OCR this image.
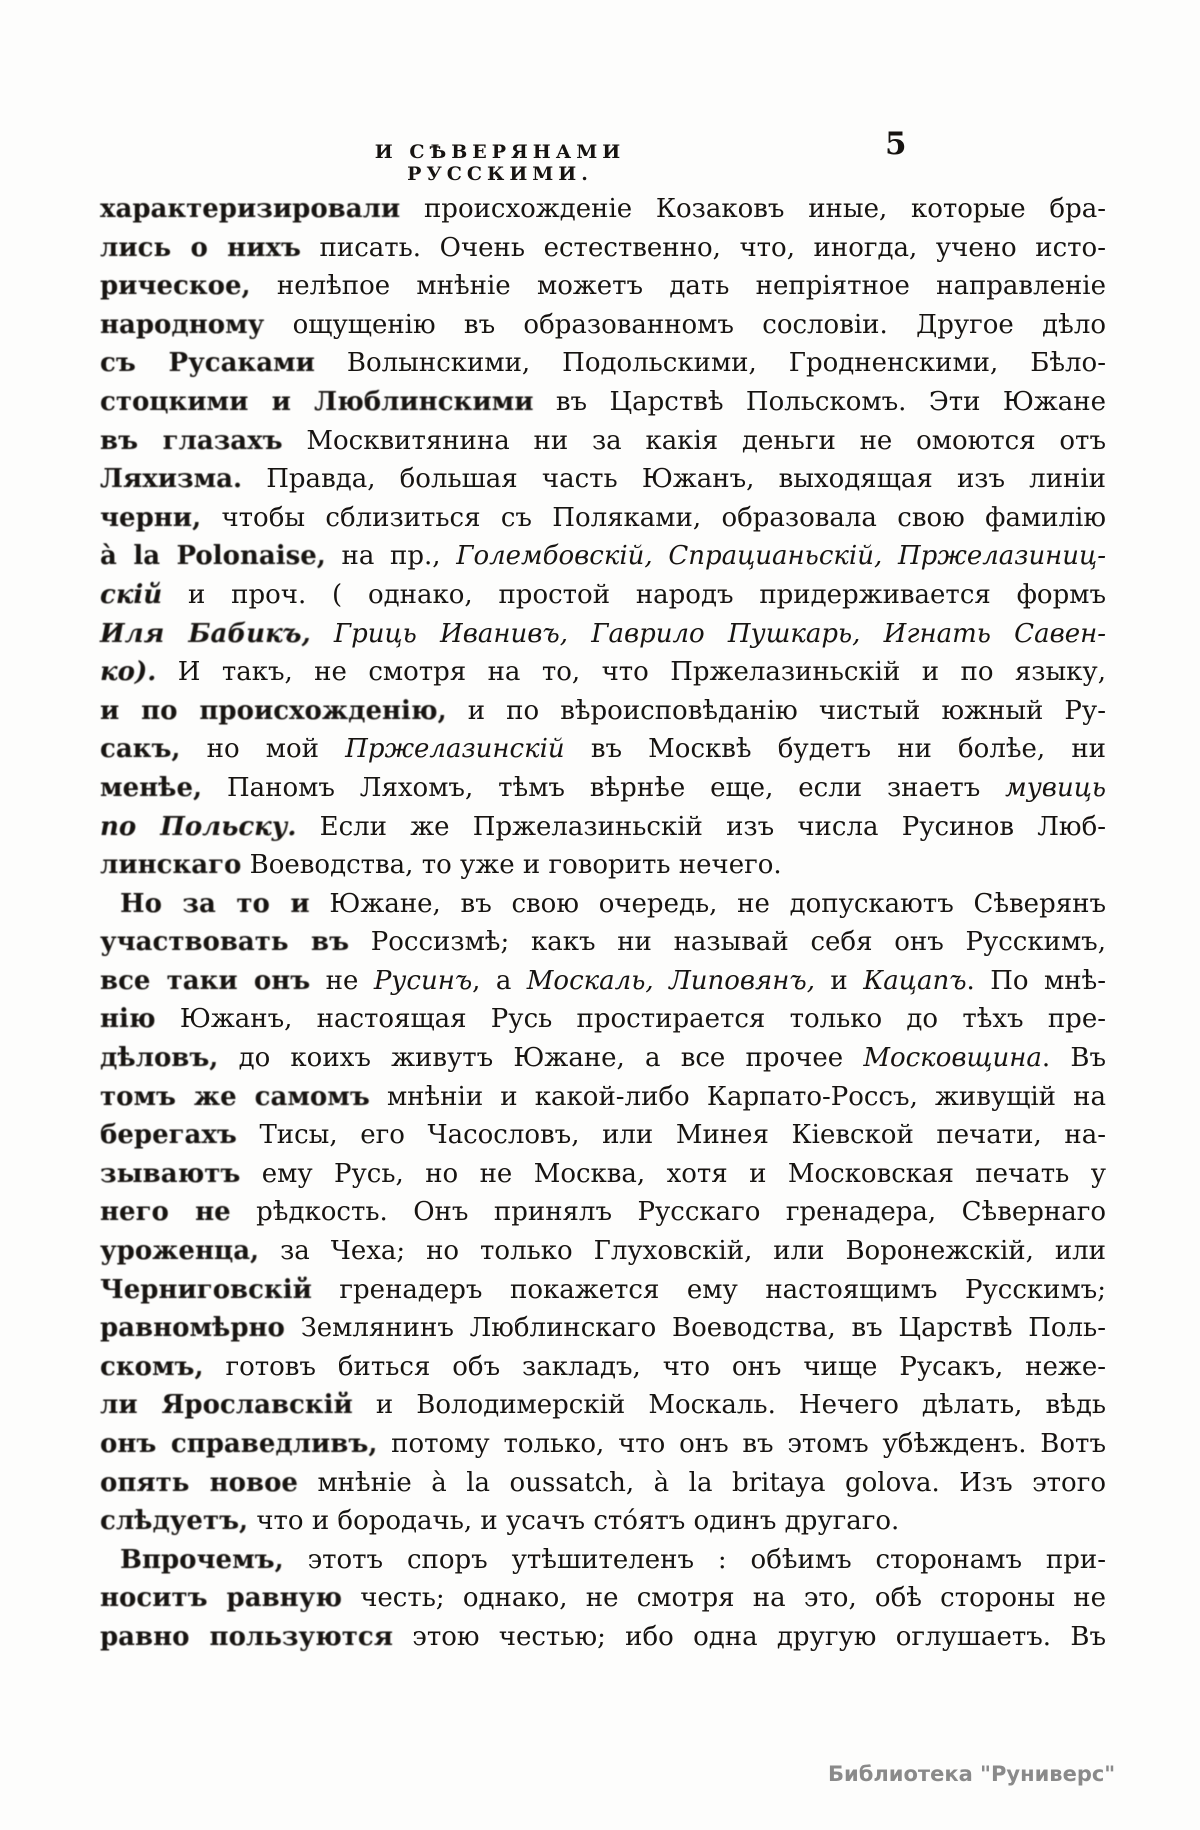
И СѢВЕРЯНАМИ РУССКИМИ.
5
характеризировали происхожденіе Козаковъ иные, которые бра-
лись о нихъ писать. Очень естественно, что, иногда, учено исто-
рическое, нелѣпое мнѣніе можетъ дать непріятное направленіе
народному ощущенію въ образованномъ сословіи. Другое дѣло
съ Русаками Волынскими, Подольскими, Гродненскими, Бѣло-
стоцкими и Люблинскими въ Царствѣ Польскомъ. Эти Южане
въ глазахъ Москвитянина ни за какія деньги не омоются отъ
Ляхизма. Правда, большая часть Южанъ, выходящая изъ линіи
черни, чтобы сблизиться съ Поляками, образовала свою фамилію
à la Polonaise, на пр., Голембовскій, Спрацианьскій, Пржелазиниц-
скій и проч. ( однако, простой народъ придерживается формъ
Иля Бабикъ, Гриць Иванивъ, Гаврило Пушкарь, Игнать Савен-
ко). И такъ, не смотря на то, что Пржелазиньскій и по языку,
и по происхожденію, и по вѣроисповѣданію чистый южный Ру-
сакъ, но мой Пржелазинскій въ Москвѣ будетъ ни болѣе, ни
менѣе, Паномъ Ляхомъ, тѣмъ вѣрнѣе еще, если знаетъ мувиць
по Польску. Если же Пржелазиньскій изъ числа Русинов Люб-
линскаго Воеводства, то уже и говорить нечего.
Но за то и Южане, въ свою очередь, не допускаютъ Сѣверянъ
участвовать въ Россизмѣ; какъ ни называй себя онъ Русскимъ,
все таки онъ не Русинъ, а Москаль, Липовянъ, и Кацапъ. По мнѣ-
нію Южанъ, настоящая Русь простирается только до тѣхъ пре-
дѣловъ, до коихъ живутъ Южане, а все прочее Московщина. Въ
томъ же самомъ мнѣніи и какой-либо Карпато-Россъ, живущій на
берегахъ Тисы, его Часословъ, или Минея Кіевской печати, на-
зываютъ ему Русь, но не Москва, хотя и Московская печать у
него не рѣдкость. Онъ принялъ Русскаго гренадера, Сѣвернаго
уроженца, за Чеха; но только Глуховскій, или Воронежскій, или
Черниговскій гренадеръ покажется ему настоящимъ Русскимъ;
равномѣрно Землянинъ Люблинскаго Воеводства, въ Царствѣ Поль-
скомъ, готовъ биться объ закладъ, что онъ чище Русакъ, неже-
ли Ярославскій и Володимерскій Москаль. Нечего дѣлать, вѣдь
онъ справедливъ, потому только, что онъ въ этомъ убѣжденъ. Вотъ
опять новое мнѣніе à la oussatch, à la britaya golova. Изъ этого
слѣдуетъ, что и бородачь, и усачъ сто́ятъ одинъ другаго.
Впрочемъ, этотъ споръ утѣшителенъ : обѣимъ сторонамъ при-
носитъ равную честь; однако, не смотря на это, обѣ стороны не
равно пользуются этою честью; ибо одна другую оглушаетъ. Въ
Библиотека "Руниверс"
